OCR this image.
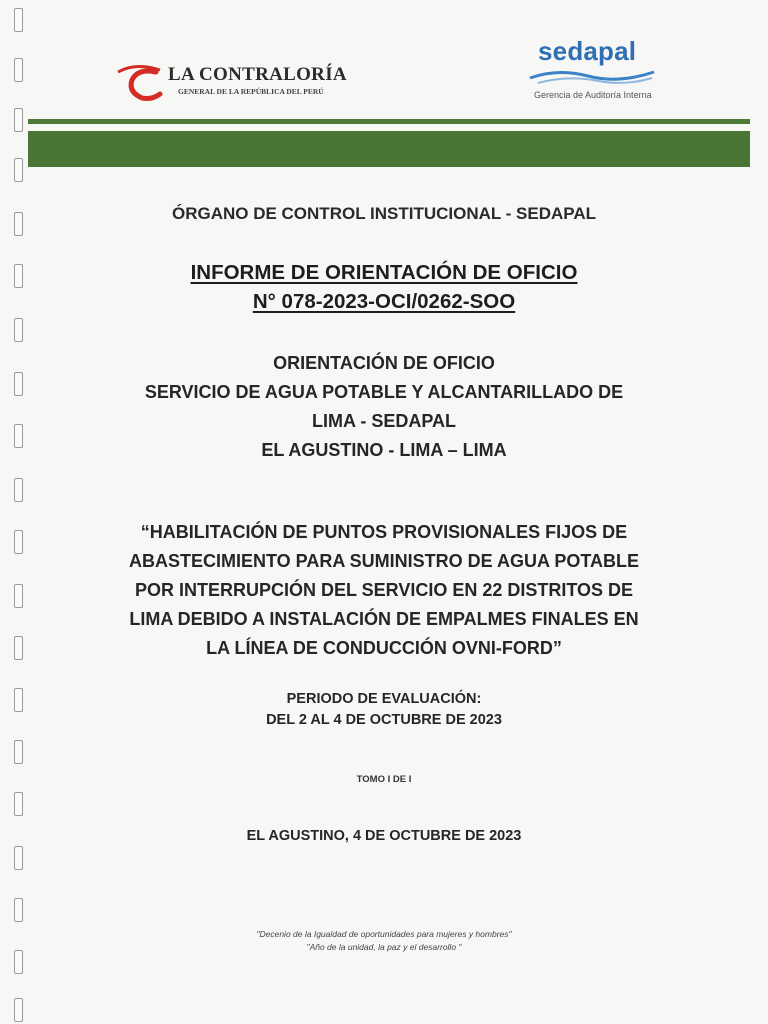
LA CONTRALORÍA
GENERAL DE LA REPÚBLICA DEL PERÚ
sedapal
Gerencia de Auditoría Interna
ÓRGANO DE CONTROL INSTITUCIONAL - SEDAPAL
INFORME DE ORIENTACIÓN DE OFICIO
N° 078-2023-OCI/0262-SOO
ORIENTACIÓN DE OFICIO
SERVICIO DE AGUA POTABLE Y ALCANTARILLADO DE
LIMA - SEDAPAL
EL AGUSTINO - LIMA – LIMA
“HABILITACIÓN DE PUNTOS PROVISIONALES FIJOS DE
ABASTECIMIENTO PARA SUMINISTRO DE AGUA POTABLE
POR INTERRUPCIÓN DEL SERVICIO EN 22 DISTRITOS DE
LIMA DEBIDO A INSTALACIÓN DE EMPALMES FINALES EN
LA LÍNEA DE CONDUCCIÓN OVNI-FORD”
PERIODO DE EVALUACIÓN:
DEL 2 AL 4 DE OCTUBRE DE 2023
TOMO I DE I
EL AGUSTINO, 4 DE OCTUBRE DE 2023
"Decenio de la Igualdad de oportunidades para mujeres y hombres"
"Año de la unidad, la paz y el desarrollo "
